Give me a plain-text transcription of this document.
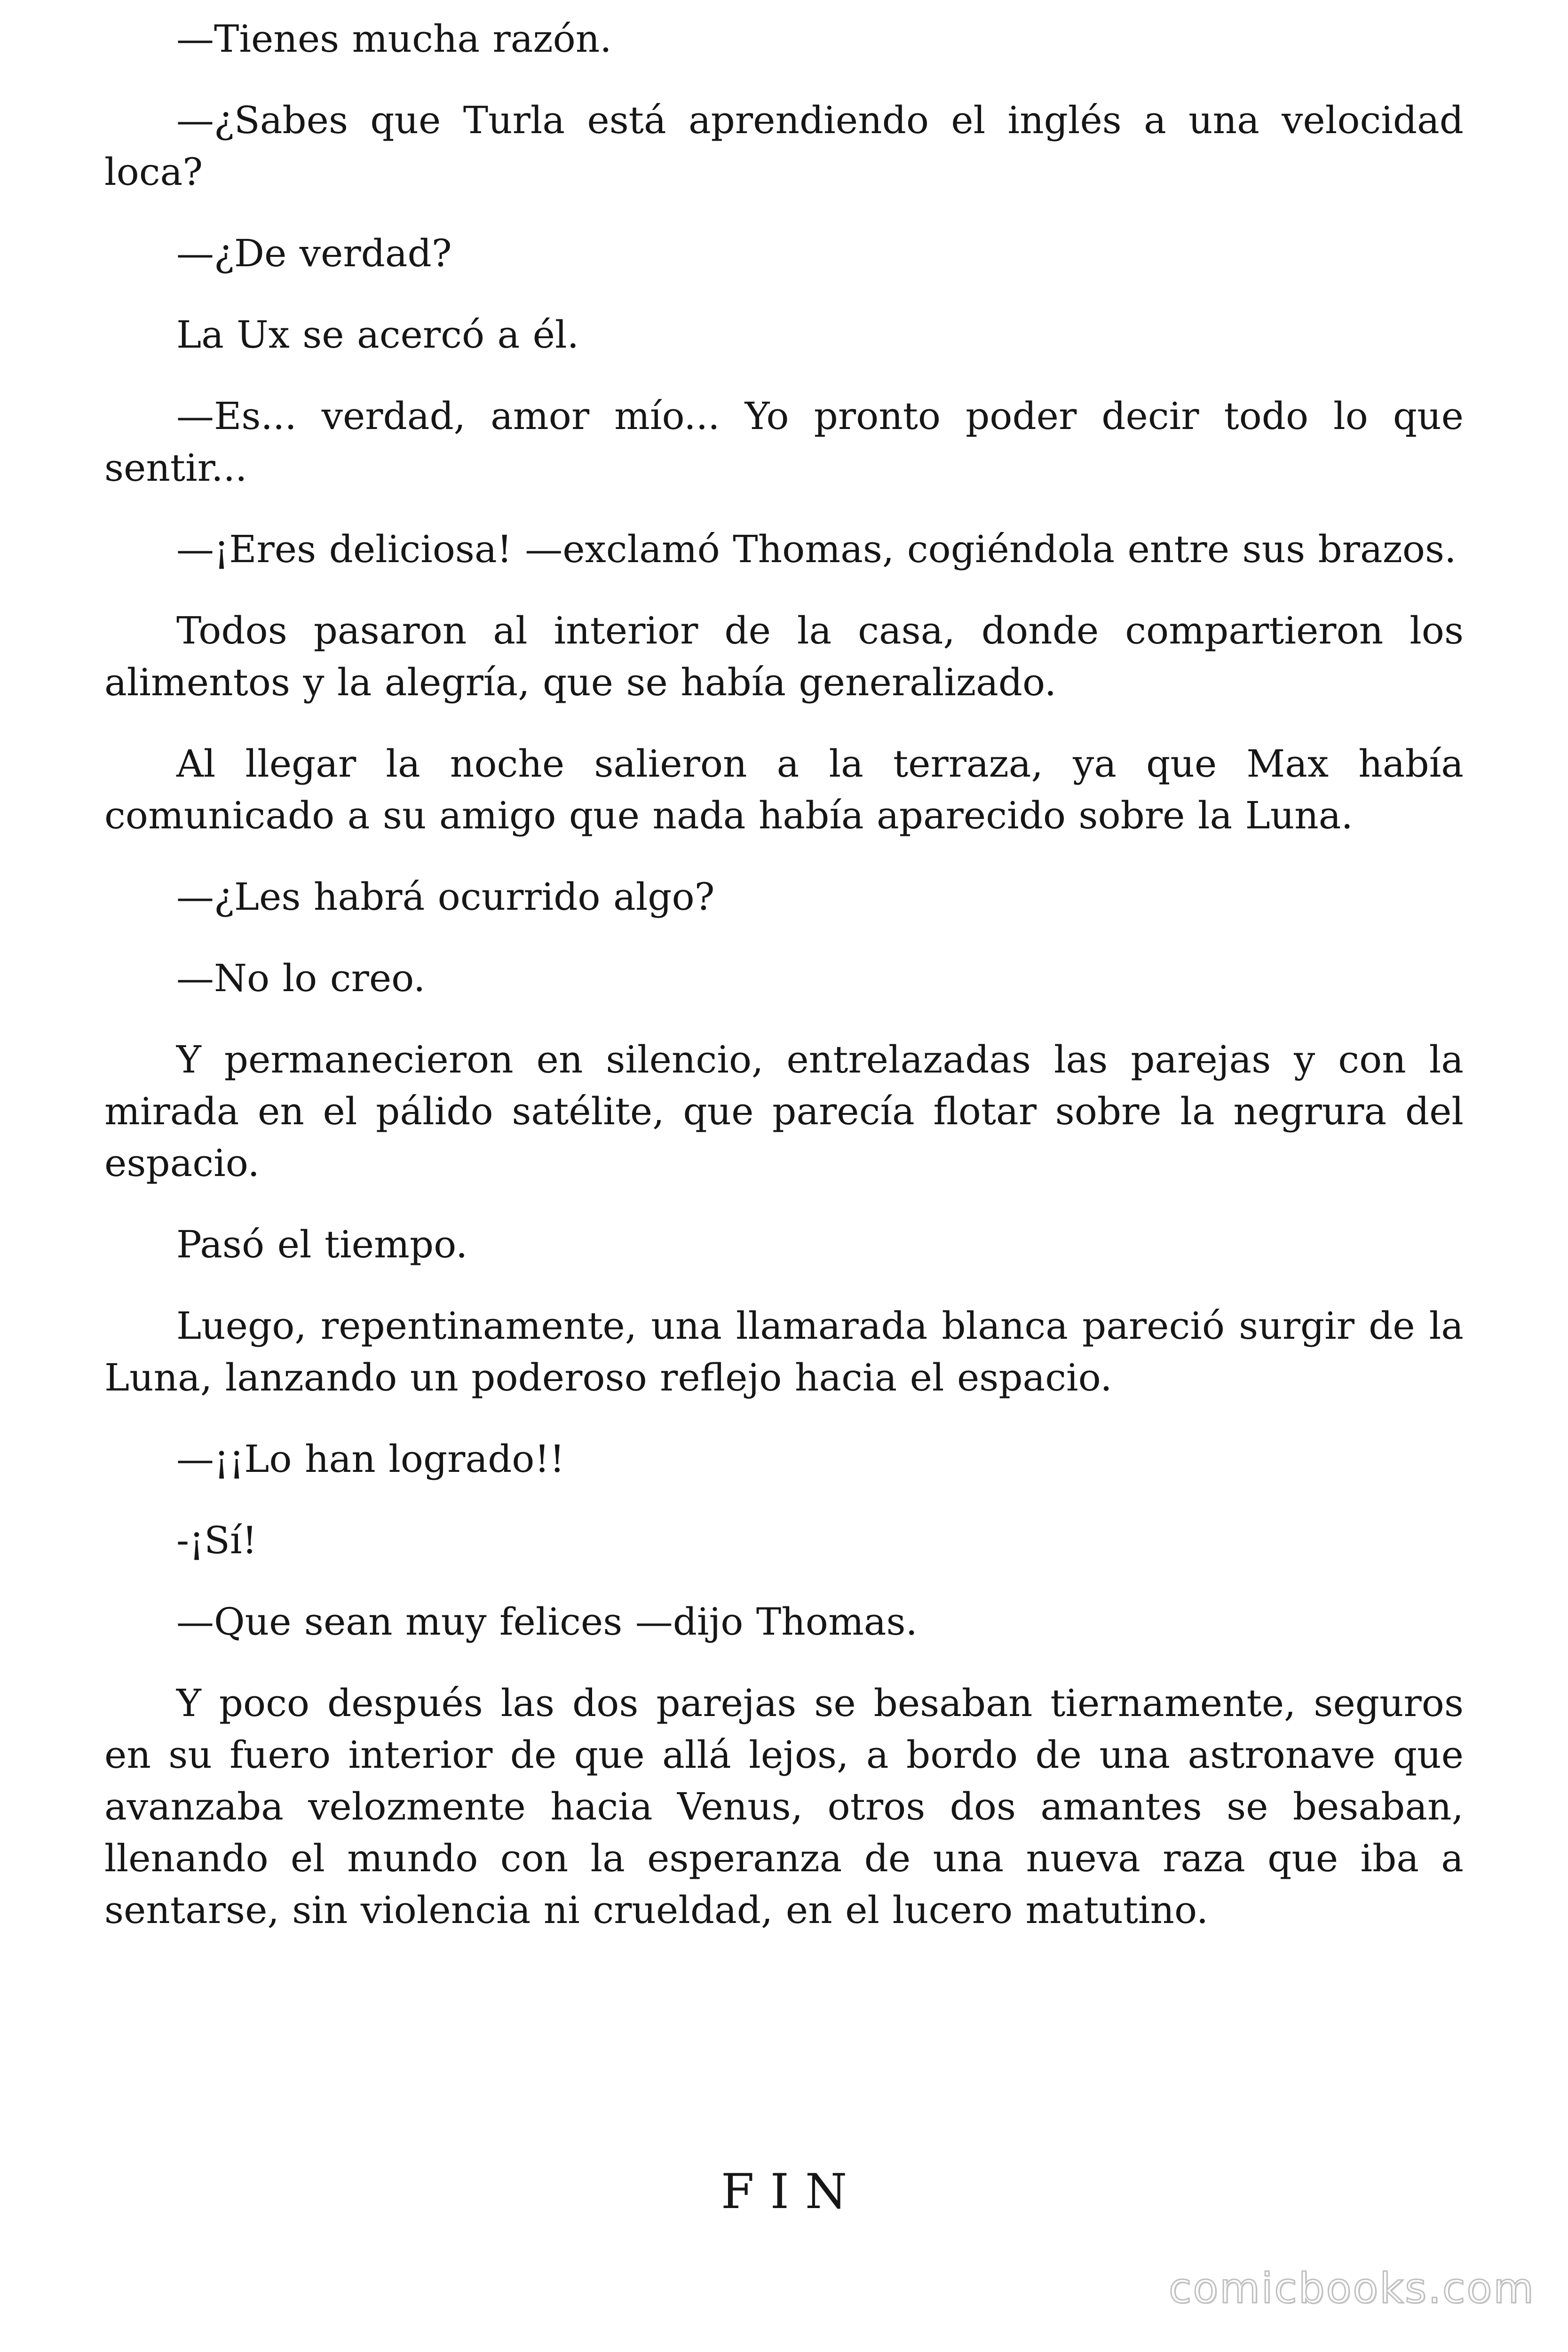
—Tienes mucha razón.

—¿Sabes que Turla está aprendiendo el inglés a una velocidad loca?

—¿De verdad?

La Ux se acercó a él.

—Es... verdad, amor mío... Yo pronto poder decir todo lo que sentir...

—¡Eres deliciosa! —exclamó Thomas, cogiéndola entre sus brazos.

Todos pasaron al interior de la casa, donde compartieron los alimentos y la alegría, que se había generalizado.

Al llegar la noche salieron a la terraza, ya que Max había comunicado a su amigo que nada había aparecido sobre la Luna.

—¿Les habrá ocurrido algo?

—No lo creo.

Y permanecieron en silencio, entrelazadas las parejas y con la mirada en el pálido satélite, que parecía flotar sobre la negrura del espacio.

Pasó el tiempo.

Luego, repentinamente, una llamarada blanca pareció surgir de la Luna, lanzando un poderoso reflejo hacia el espacio.

—¡¡Lo han logrado!!

-¡Sí!

—Que sean muy felices —dijo Thomas.

Y poco después las dos parejas se besaban tiernamente, seguros en su fuero interior de que allá lejos, a bordo de una astronave que avanzaba velozmente hacia Venus, otros dos amantes se besaban, llenando el mundo con la esperanza de una nueva raza que iba a sentarse, sin violencia ni crueldad, en el lucero matutino.

FIN
comicbooks.com
